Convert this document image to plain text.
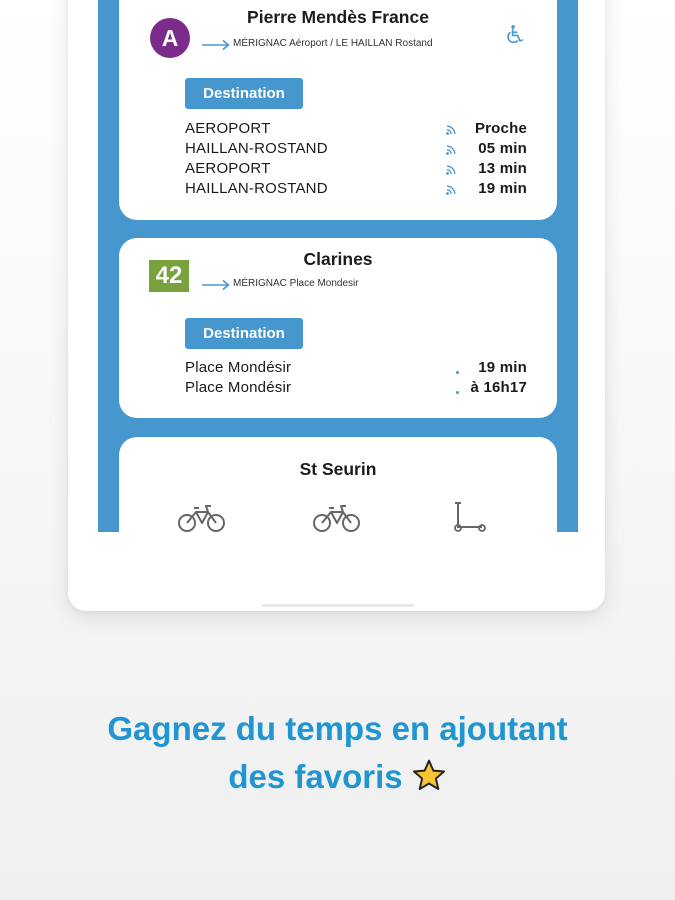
Pierre Mendès France
A	MÉRIGNAC Aéroport / LE HAILLAN Rostand
Destination
AEROPORT	Proche
HAILLAN-ROSTAND	05 min
AEROPORT	13 min
HAILLAN-ROSTAND	19 min
Clarines
42	MÉRIGNAC Place Mondesir
Destination
Place Mondésir	19 min
Place Mondésir	à 16h17
St Seurin
Gagnez du temps en ajoutant
des favoris
